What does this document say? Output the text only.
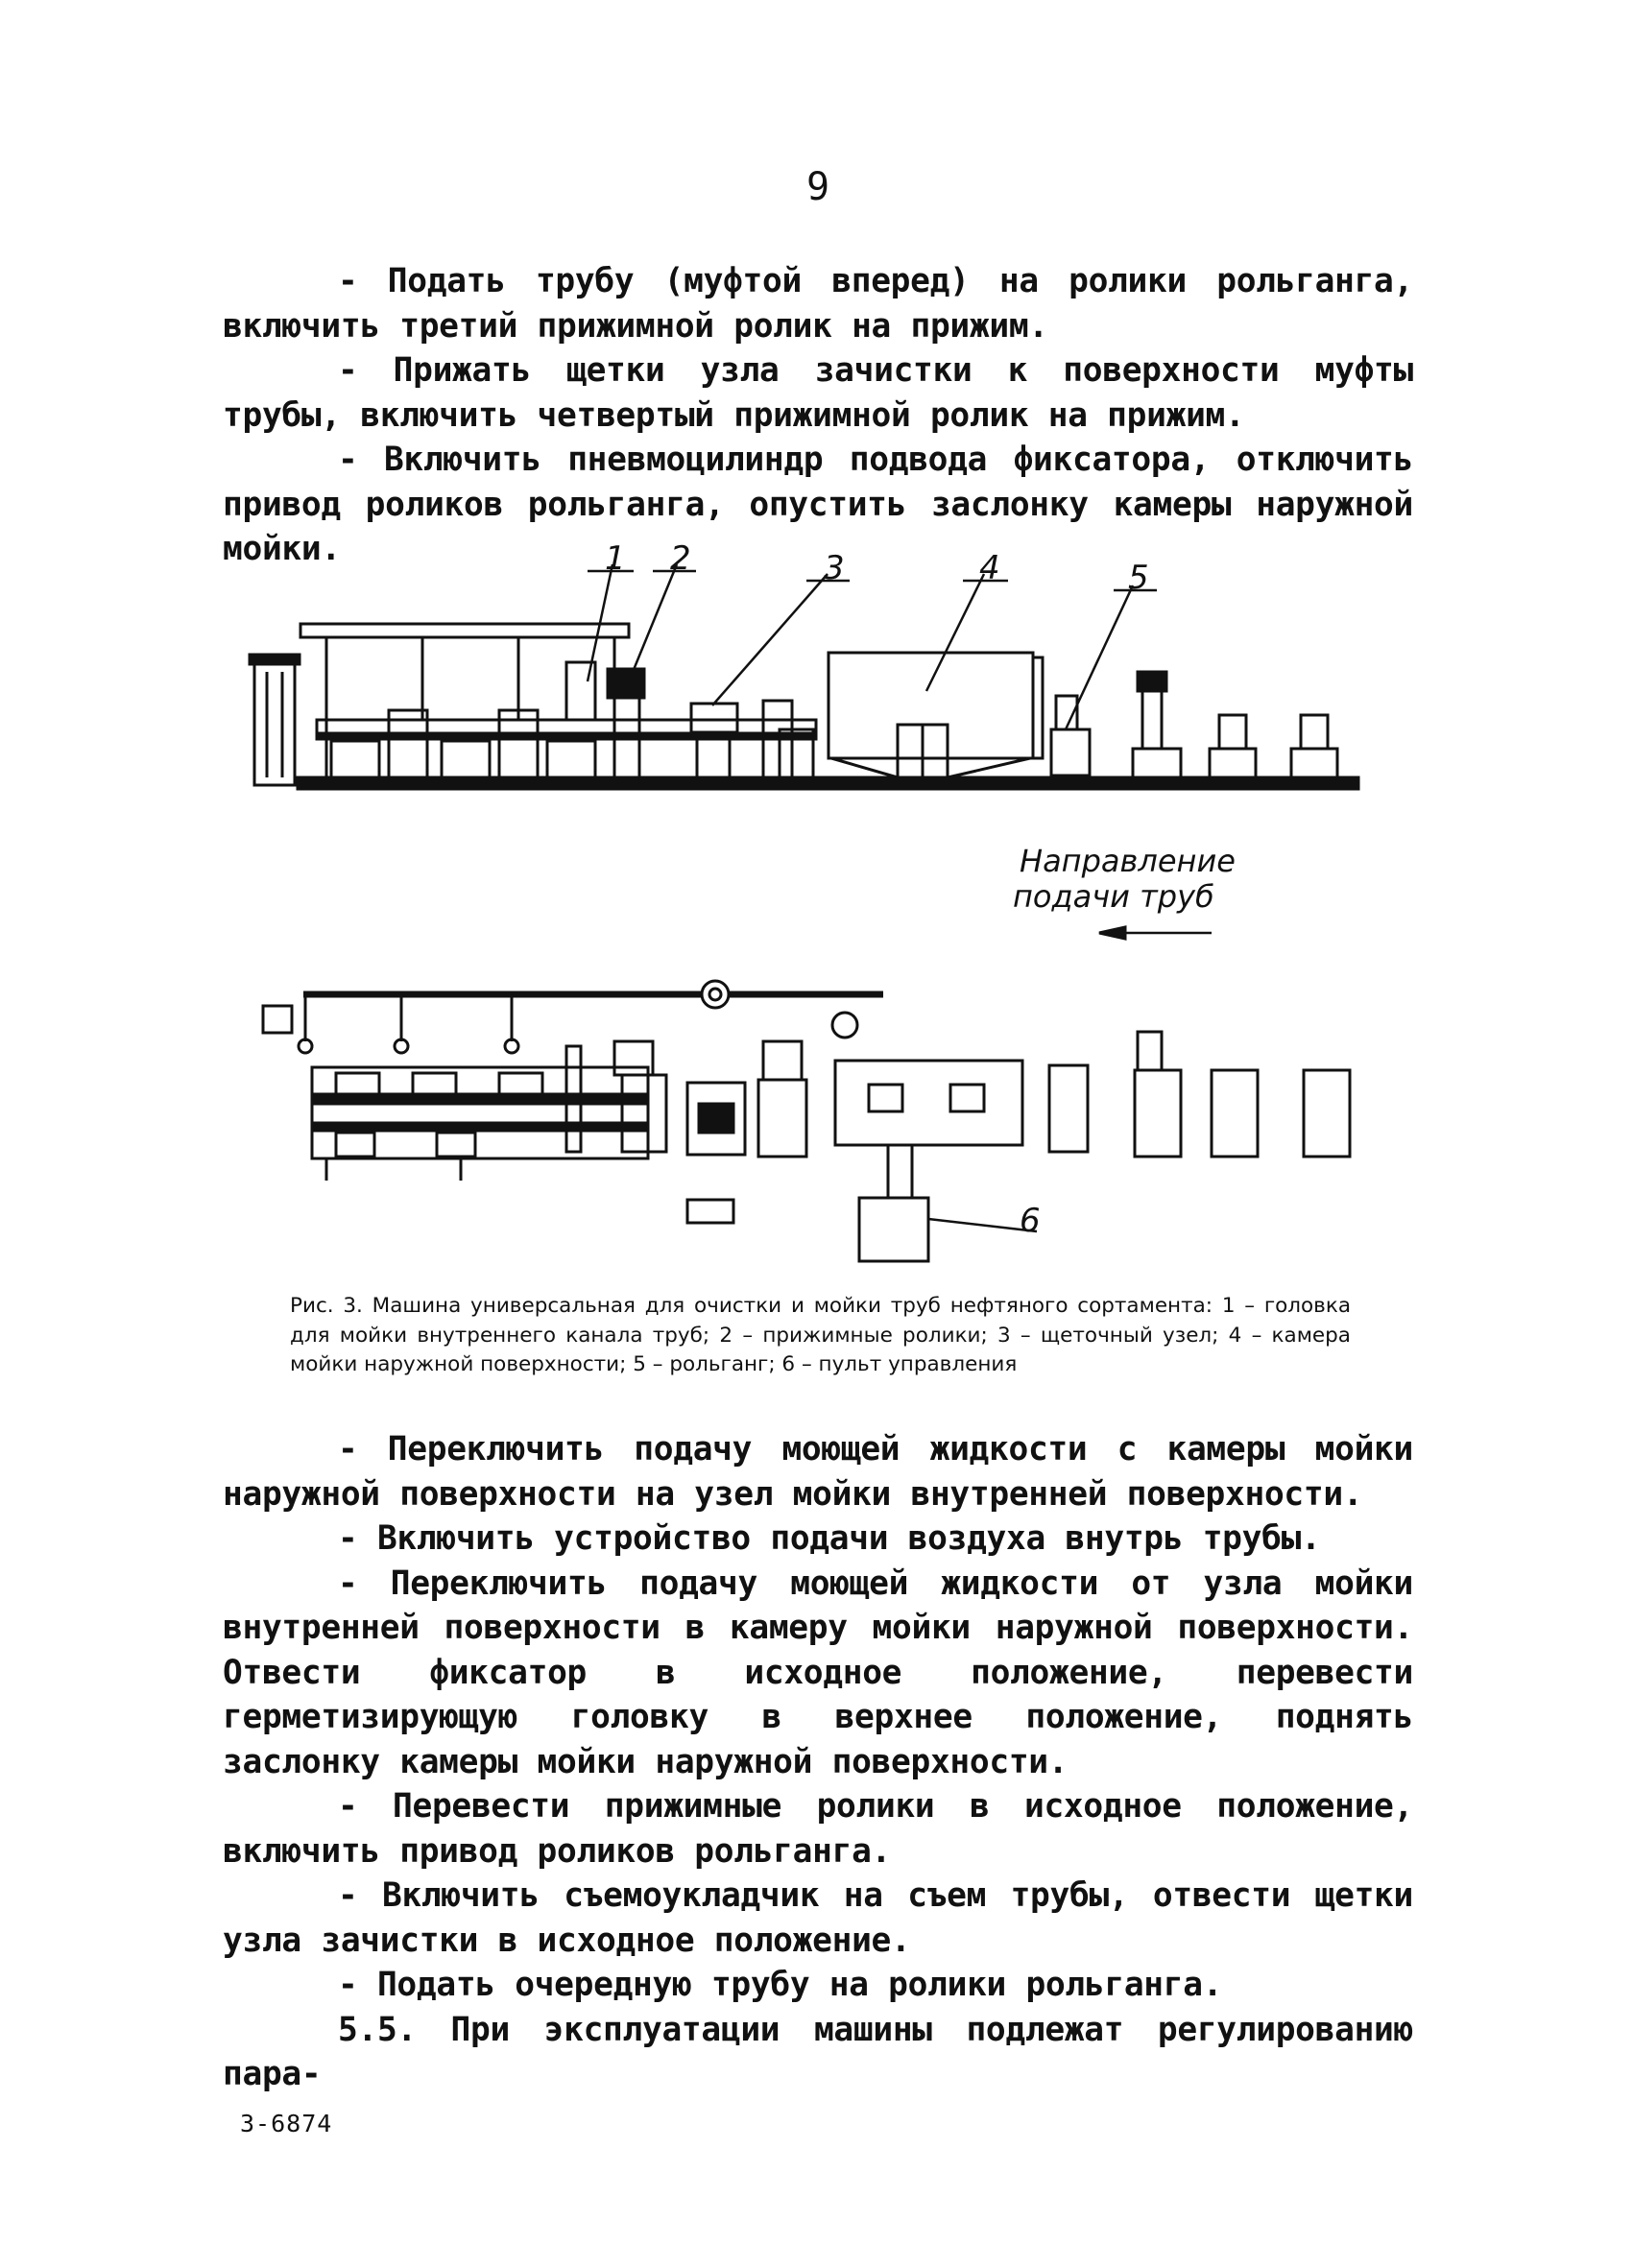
9

- Подать трубу (муфтой вперед) на ролики рольганга, включить третий прижимной ролик на прижим.

- Прижать щетки узла зачистки к поверхности муфты трубы, включить четвертый прижимной ролик на прижим.

- Включить пневмоцилиндр подвода фиксатора, отключить привод роликов рольганга, опустить заслонку камеры наружной мойки.	1 2	3	4	5
6
Направление
подачи труб
Рис. 3. Машина универсальная для очистки и мойки труб нефтяного сортамента: 1 – головка для мойки внутреннего канала труб; 2 – прижимные ролики; 3 – щеточный узел; 4 – камера мойки наружной поверхности; 5 – рольганг; 6 – пульт управления

- Переключить подачу моющей жидкости с камеры мойки наружной поверхности на узел мойки внутренней поверхности.

- Включить устройство подачи воздуха внутрь трубы.

- Переключить подачу моющей жидкости от узла мойки внутренней поверхности в камеру мойки наружной поверхности. Отвести фиксатор в исходное положение, перевести герметизирующую головку в верхнее положение, поднять заслонку камеры мойки наружной поверхности.

- Перевести прижимные ролики в исходное положение, включить привод роликов рольганга.

- Включить съемоукладчик на съем трубы, отвести щетки узла зачистки в исходное положение.

- Подать очередную трубу на ролики рольганга.

5.5. При эксплуатации машины подлежат регулированию пара-

3-6874
